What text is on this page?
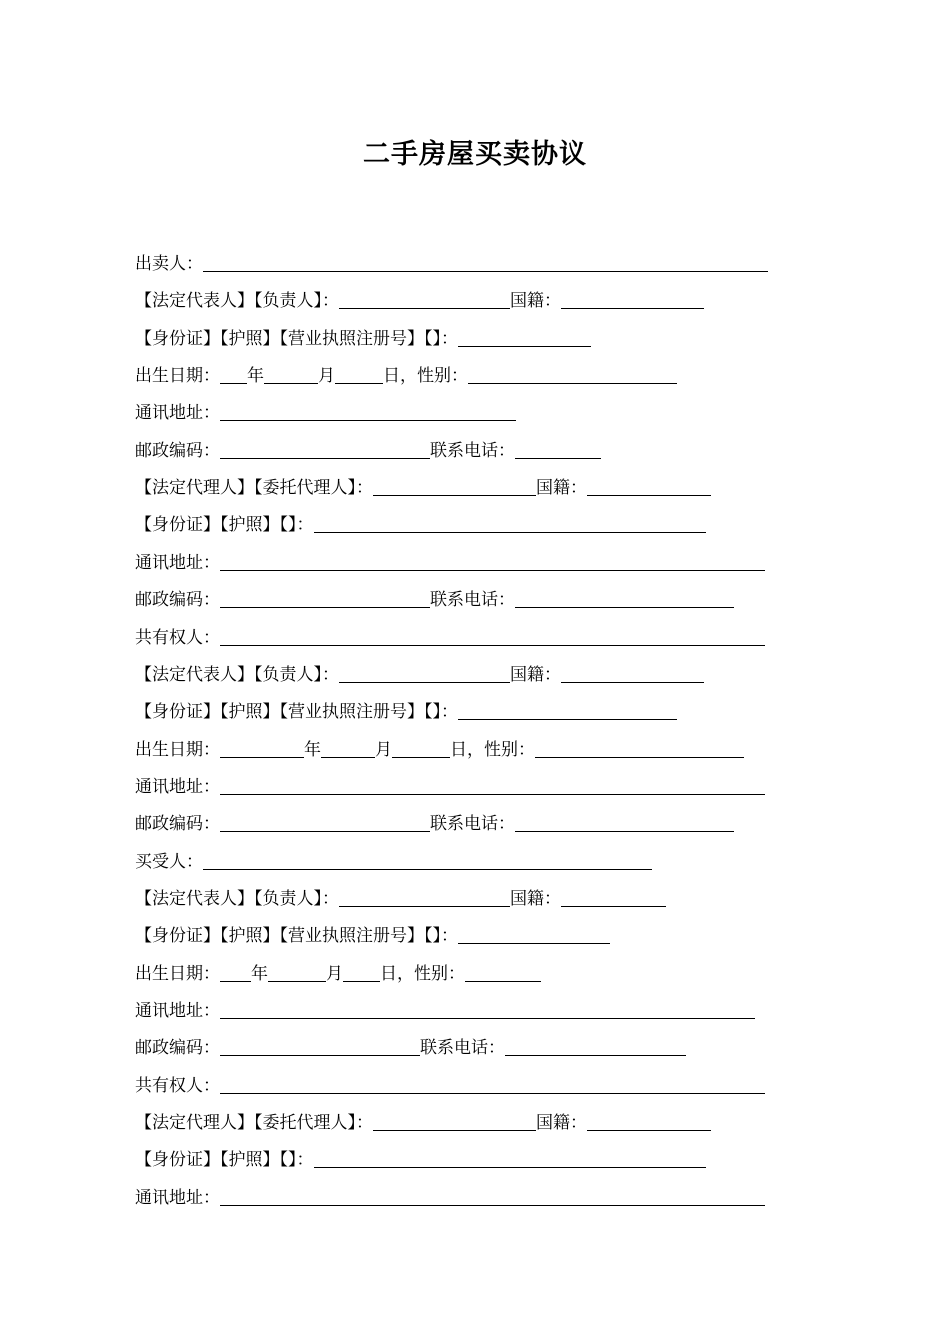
二手房屋买卖协议
出卖人：
【法定代表人】【负责人】：	国籍：
【身份证】【护照】【营业执照注册号】【】：
出生日期： 年	月	日，性别：
通讯地址：
邮政编码：	联系电话：
【法定代理人】【委托代理人】：	国籍：
【身份证】【护照】【】：
通讯地址：
邮政编码：	联系电话：
共有权人：
【法定代表人】【负责人】：	国籍：
【身份证】【护照】【营业执照注册号】【】：
出生日期：	年	月	日，性别：
通讯地址：
邮政编码：	联系电话：
买受人：
【法定代表人】【负责人】：	国籍：
【身份证】【护照】【营业执照注册号】【】：
出生日期： 年	月 日，性别：
通讯地址：
邮政编码：	联系电话：
共有权人：
【法定代理人】【委托代理人】：	国籍：
【身份证】【护照】【】：
通讯地址：
